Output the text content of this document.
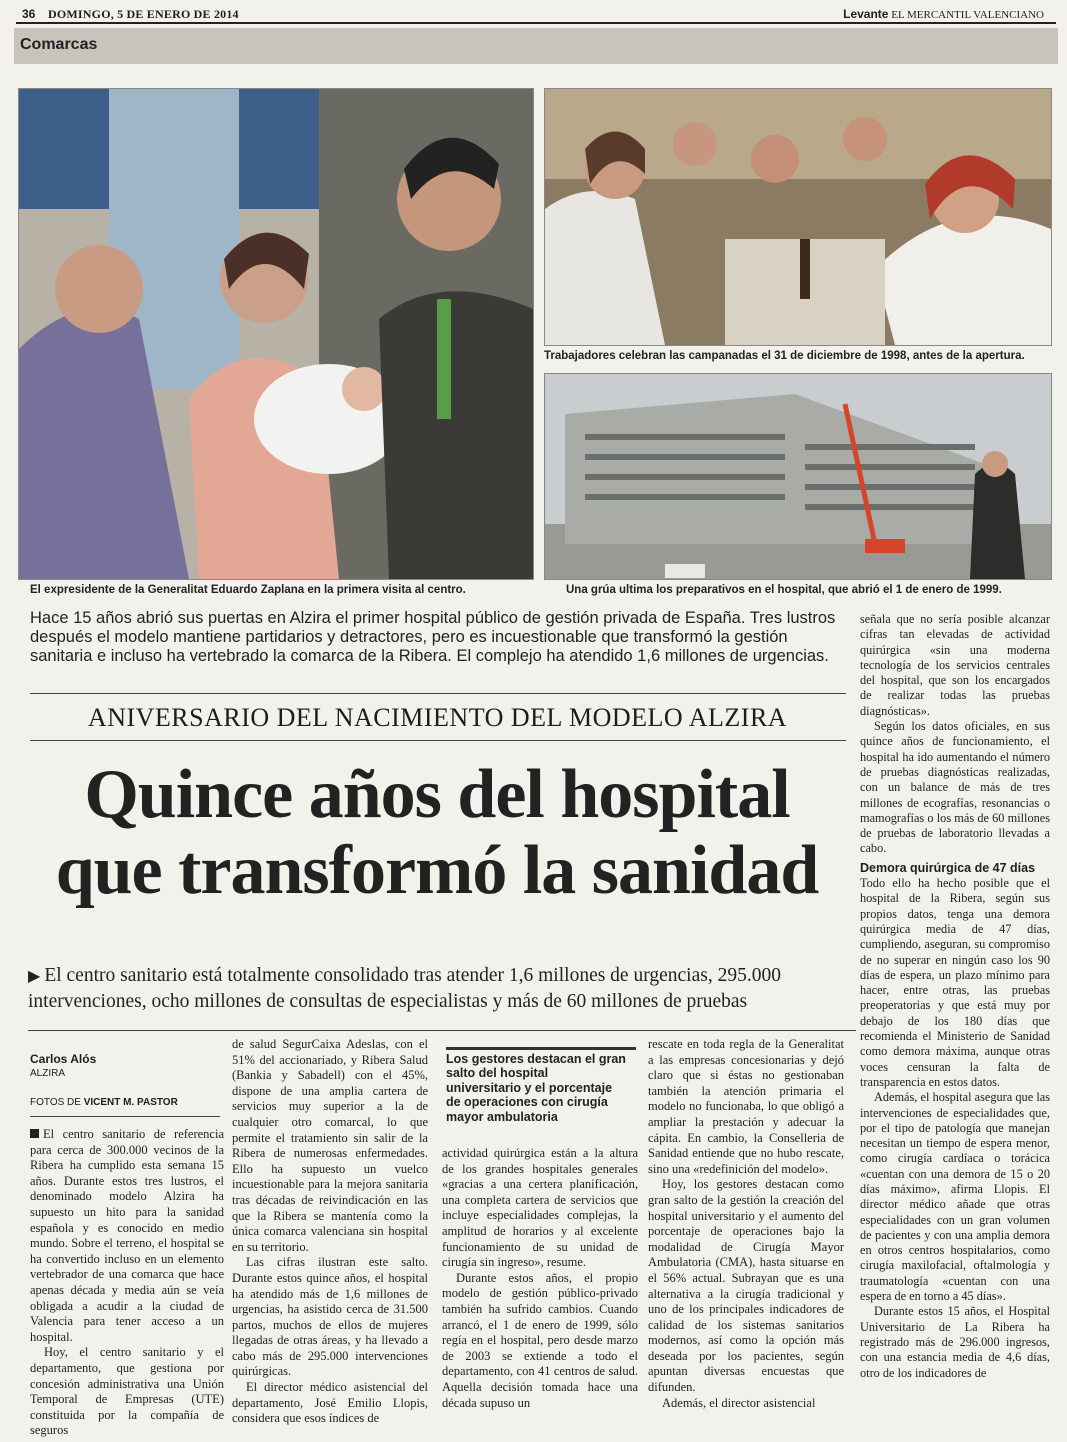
36 DOMINGO, 5 DE ENERO DE 2014	Levante EL MERCANTIL VALENCIANO
Comarcas
El expresidente de la Generalitat Eduardo Zaplana en la primera visita al centro.
Trabajadores celebran las campanadas el 31 de diciembre de 1998, antes de la apertura.
Una grúa ultima los preparativos en el hospital, que abrió el 1 de enero de 1999.
Hace 15 años abrió sus puertas en Alzira el primer hospital público de gestión privada de España. Tres lustros después el modelo mantiene partidarios y detractores, pero es incuestionable que transformó la gestión sanitaria e incluso ha vertebrado la comarca de la Ribera. El complejo ha atendido 1,6 millones de urgencias.
ANIVERSARIO DEL NACIMIENTO DEL MODELO ALZIRA
Quince años del hospital
que transformó la sanidad
▶ El centro sanitario está totalmente consolidado tras atender 1,6 millones de urgencias, 295.000 intervenciones, ocho millones de consultas de especialistas y más de 60 millones de pruebas
Carlos Alós
ALZIRA
FOTOS DE VICENT M. PASTOR

El centro sanitario de referencia para cerca de 300.000 vecinos de la Ribera ha cumplido esta semana 15 años. Durante estos tres lustros, el denominado modelo Alzira ha supuesto un hito para la sanidad española y es conocido en medio mundo. Sobre el terreno, el hospital se ha convertido incluso en un elemento vertebrador de una comarca que hace apenas década y media aún se veía obligada a acudir a la ciudad de Valencia para tener acceso a un hospital.

Hoy, el centro sanitario y el departamento, que gestiona por concesión administrativa una Unión Temporal de Empresas (UTE) constituida por la compañía de seguros

de salud SegurCaixa Adeslas, con el 51% del accionariado, y Ribera Salud (Bankia y Sabadell) con el 45%, dispone de una amplia cartera de servicios muy superior a la de cualquier otro comarcal, lo que permite el tratamiento sin salir de la Ribera de numerosas enfermedades. Ello ha supuesto un vuelco incuestionable para la mejora sanitaria tras décadas de reivindicación en las que la Ribera se mantenía como la única comarca valenciana sin hospital en su territorio.

Las cifras ilustran este salto. Durante estos quince años, el hospital ha atendido más de 1,6 millones de urgencias, ha asistido cerca de 31.500 partos, muchos de ellos de mujeres llegadas de otras áreas, y ha llevado a cabo más de 295.000 intervenciones quirúrgicas.

El director médico asistencial del departamento, José Emilio Llopis, considera que esos índices de

Los gestores destacan el gran salto del hospital universitario y el porcentaje de operaciones con cirugía mayor ambulatoria

actividad quirúrgica están a la altura de los grandes hospitales generales «gracias a una certera planificación, una completa cartera de servicios que incluye especialidades complejas, la amplitud de horarios y al excelente funcionamiento de su unidad de cirugía sin ingreso», resume.

Durante estos años, el propio modelo de gestión público-privado también ha sufrido cambios. Cuando arrancó, el 1 de enero de 1999, sólo regía en el hospital, pero desde marzo de 2003 se extiende a todo el departamento, con 41 centros de salud. Aquella decisión tomada hace una década supuso un

rescate en toda regla de la Generalitat a las empresas concesionarias y dejó claro que si éstas no gestionaban también la atención primaria el modelo no funcionaba, lo que obligó a ampliar la prestación y adecuar la cápita. En cambio, la Conselleria de Sanidad entiende que no hubo rescate, sino una «redefinición del modelo».

Hoy, los gestores destacan como gran salto de la gestión la creación del hospital universitario y el aumento del porcentaje de operaciones bajo la modalidad de Cirugía Mayor Ambulatoria (CMA), hasta situarse en el 56% actual. Subrayan que es una alternativa a la cirugía tradicional y uno de los principales indicadores de calidad de los sistemas sanitarios modernos, así como la opción más deseada por los pacientes, según apuntan diversas encuestas que difunden.

Además, el director asistencial

señala que no sería posible alcanzar cifras tan elevadas de actividad quirúrgica «sin una moderna tecnología de los servicios centrales del hospital, que son los encargados de realizar todas las pruebas diagnósticas».

Según los datos oficiales, en sus quince años de funcionamiento, el hospital ha ido aumentando el número de pruebas diagnósticas realizadas, con un balance de más de tres millones de ecografías, resonancias o mamografías o los más de 60 millones de pruebas de laboratorio llevadas a cabo.

Demora quirúrgica de 47 días

Todo ello ha hecho posible que el hospital de la Ribera, según sus propios datos, tenga una demora quirúrgica media de 47 días, cumpliendo, aseguran, su compromiso de no superar en ningún caso los 90 días de espera, un plazo mínimo para hacer, entre otras, las pruebas preoperatorias y que está muy por debajo de los 180 días que recomienda el Ministerio de Sanidad como demora máxima, aunque otras voces censuran la falta de transparencia en estos datos.

Además, el hospital asegura que las intervenciones de especialidades que, por el tipo de patología que manejan necesitan un tiempo de espera menor, como cirugía cardíaca o torácica «cuentan con una demora de 15 o 20 días máximo», afirma Llopis. El director médico añade que otras especialidades con un gran volumen de pacientes y con una amplia demora en otros centros hospitalarios, como cirugía maxilofacial, oftalmología y traumatología «cuentan con una espera de en torno a 45 días».

Durante estos 15 años, el Hospital Universitario de La Ribera ha registrado más de 296.000 ingresos, con una estancia media de 4,6 días, otro de los indicadores de
